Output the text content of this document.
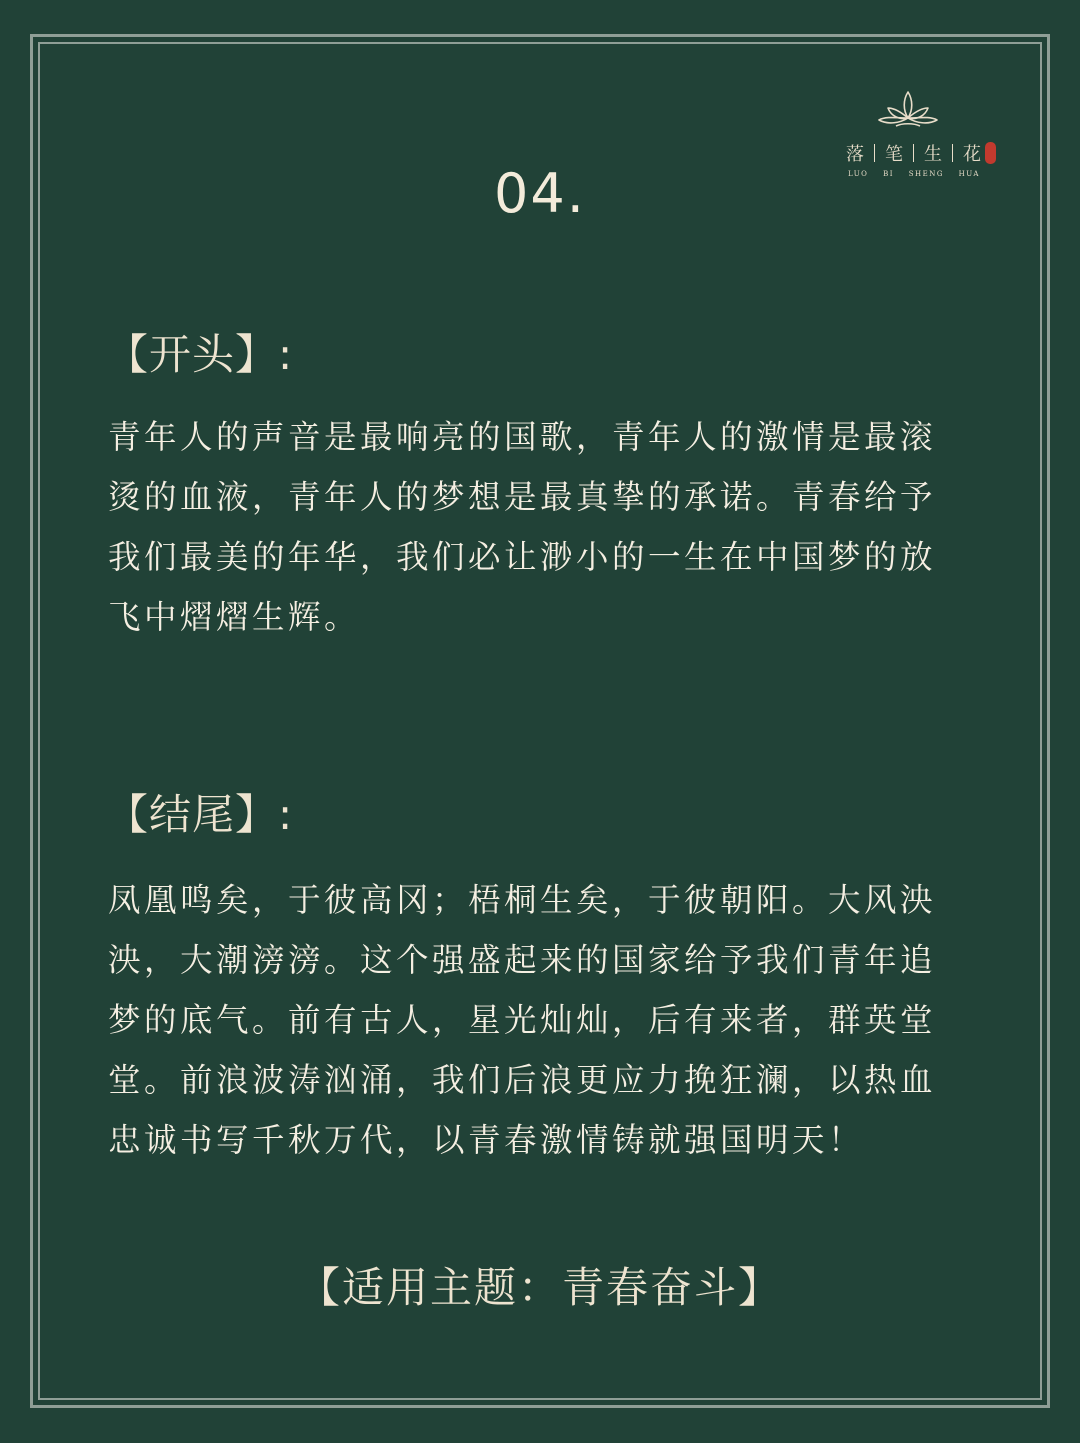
落 笔 生 花
LUO BI SHENG HUA
04.
【开头】:

青年人的声音是最响亮的国歌，青年人的激情是最滚烫的血液，青年人的梦想是最真挚的承诺。青春给予我们最美的年华，我们必让渺小的一生在中国梦的放飞中熠熠生辉。

【结尾】:

凤凰鸣矣，于彼高冈；梧桐生矣，于彼朝阳。大风泱泱，大潮滂滂。这个强盛起来的国家给予我们青年追梦的底气。前有古人，星光灿灿，后有来者，群英堂堂。前浪波涛汹涌，我们后浪更应力挽狂澜，以热血忠诚书写千秋万代，以青春激情铸就强国明天！

【适用主题：青春奋斗】
